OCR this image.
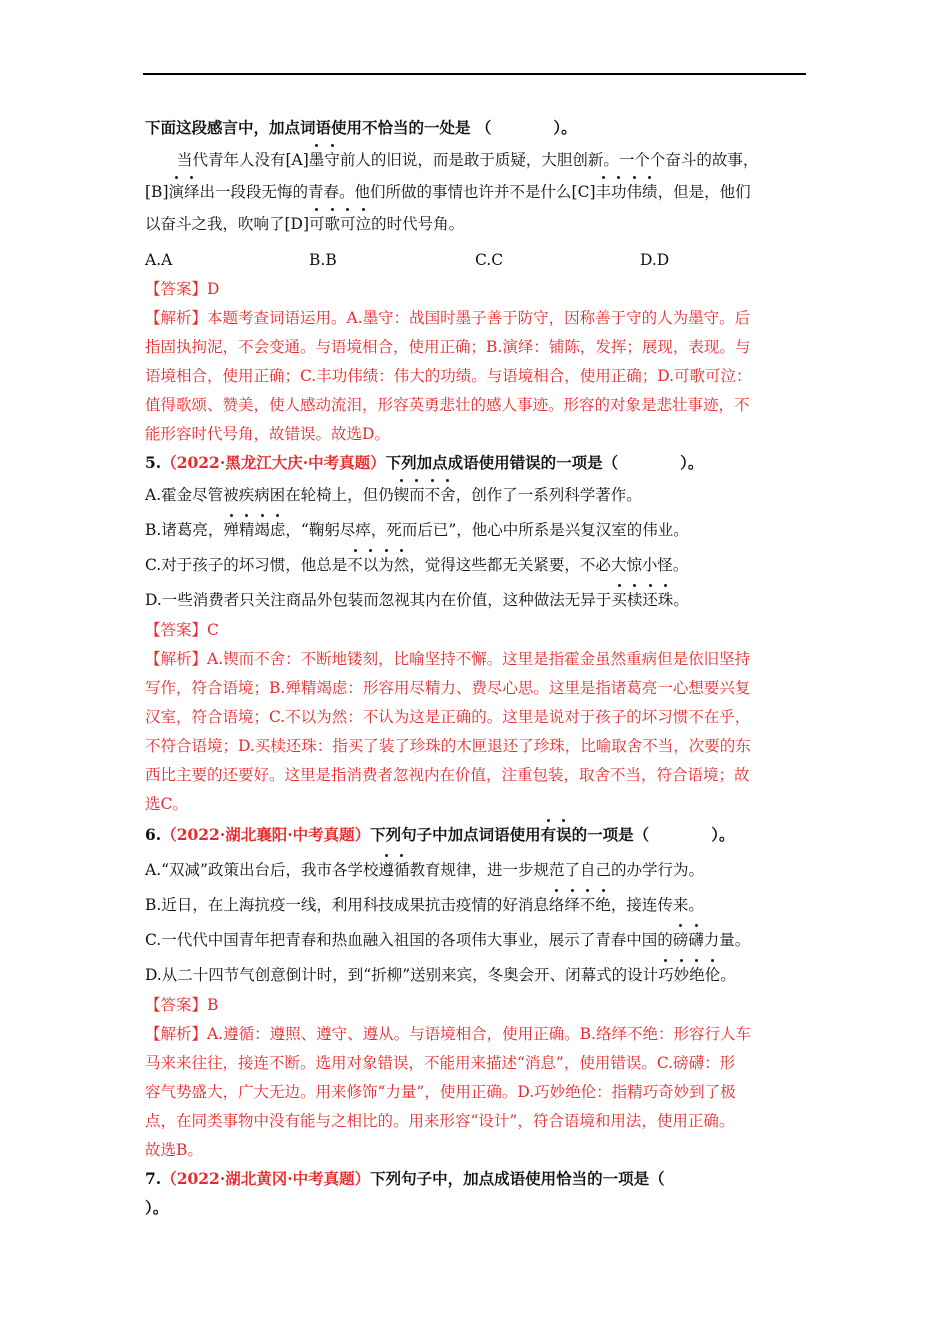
下面这段感言中，加点词语使用不恰当的一处是 （	）。
当代青年人没有[A]墨守前人的旧说，而是敢于质疑，大胆创新。一个个奋斗的故事，
[B]演绎出一段段无悔的青春。他们所做的事情也许并不是什么[C]丰功伟绩，但是，他们
以奋斗之我，吹响了[D]可歌可泣的时代号角。
A.A	B.B	C.C	D.D
【答案】D
【解析】本题考查词语运用。A.墨守：战国时墨子善于防守，因称善于守的人为墨守。后
指固执拘泥，不会变通。与语境相合，使用正确；B.演绎：铺陈，发挥；展现，表现。与
语境相合，使用正确；C.丰功伟绩：伟大的功绩。与语境相合，使用正确；D.可歌可泣：
值得歌颂、赞美，使人感动流泪，形容英勇悲壮的感人事迹。形容的对象是悲壮事迹，不
能形容时代号角，故错误。故选D。
5.（2022·黑龙江大庆·中考真题）下列加点成语使用错误的一项是（	）。
A.霍金尽管被疾病困在轮椅上，但仍锲而不舍，创作了一系列科学著作。
B.诸葛亮，殚精竭虑，“鞠躬尽瘁，死而后已”，他心中所系是兴复汉室的伟业。
C.对于孩子的坏习惯，他总是不以为然，觉得这些都无关紧要，不必大惊小怪。
D.一些消费者只关注商品外包装而忽视其内在价值，这种做法无异于买椟还珠。
【答案】C
【解析】A.锲而不舍：不断地镂刻，比喻坚持不懈。这里是指霍金虽然重病但是依旧坚持
写作，符合语境；B.殚精竭虑：形容用尽精力、费尽心思。这里是指诸葛亮一心想要兴复
汉室，符合语境；C.不以为然：不认为这是正确的。这里是说对于孩子的坏习惯不在乎，
不符合语境；D.买椟还珠：指买了装了珍珠的木匣退还了珍珠，比喻取舍不当，次要的东
西比主要的还要好。这里是指消费者忽视内在价值，注重包装，取舍不当，符合语境；故
选C。
6.（2022·湖北襄阳·中考真题）下列句子中加点词语使用有误的一项是（	）。
A.“双减”政策出台后，我市各学校遵循教育规律，进一步规范了自己的办学行为。
B.近日，在上海抗疫一线，利用科技成果抗击疫情的好消息络绎不绝，接连传来。
C.一代代中国青年把青春和热血融入祖国的各项伟大事业，展示了青春中国的磅礴力量。
D.从二十四节气创意倒计时，到“折柳”送别来宾，冬奥会开、闭幕式的设计巧妙绝伦。
【答案】B
【解析】A.遵循：遵照、遵守、遵从。与语境相合，使用正确。B.络绎不绝：形容行人车
马来来往往，接连不断。选用对象错误，不能用来描述“消息”，使用错误。C.磅礴：形
容气势盛大，广大无边。用来修饰“力量”，使用正确。D.巧妙绝伦：指精巧奇妙到了极
点，在同类事物中没有能与之相比的。用来形容“设计”，符合语境和用法，使用正确。
故选B。
7.（2022·湖北黄冈·中考真题）下列句子中，加点成语使用恰当的一项是（
）。
